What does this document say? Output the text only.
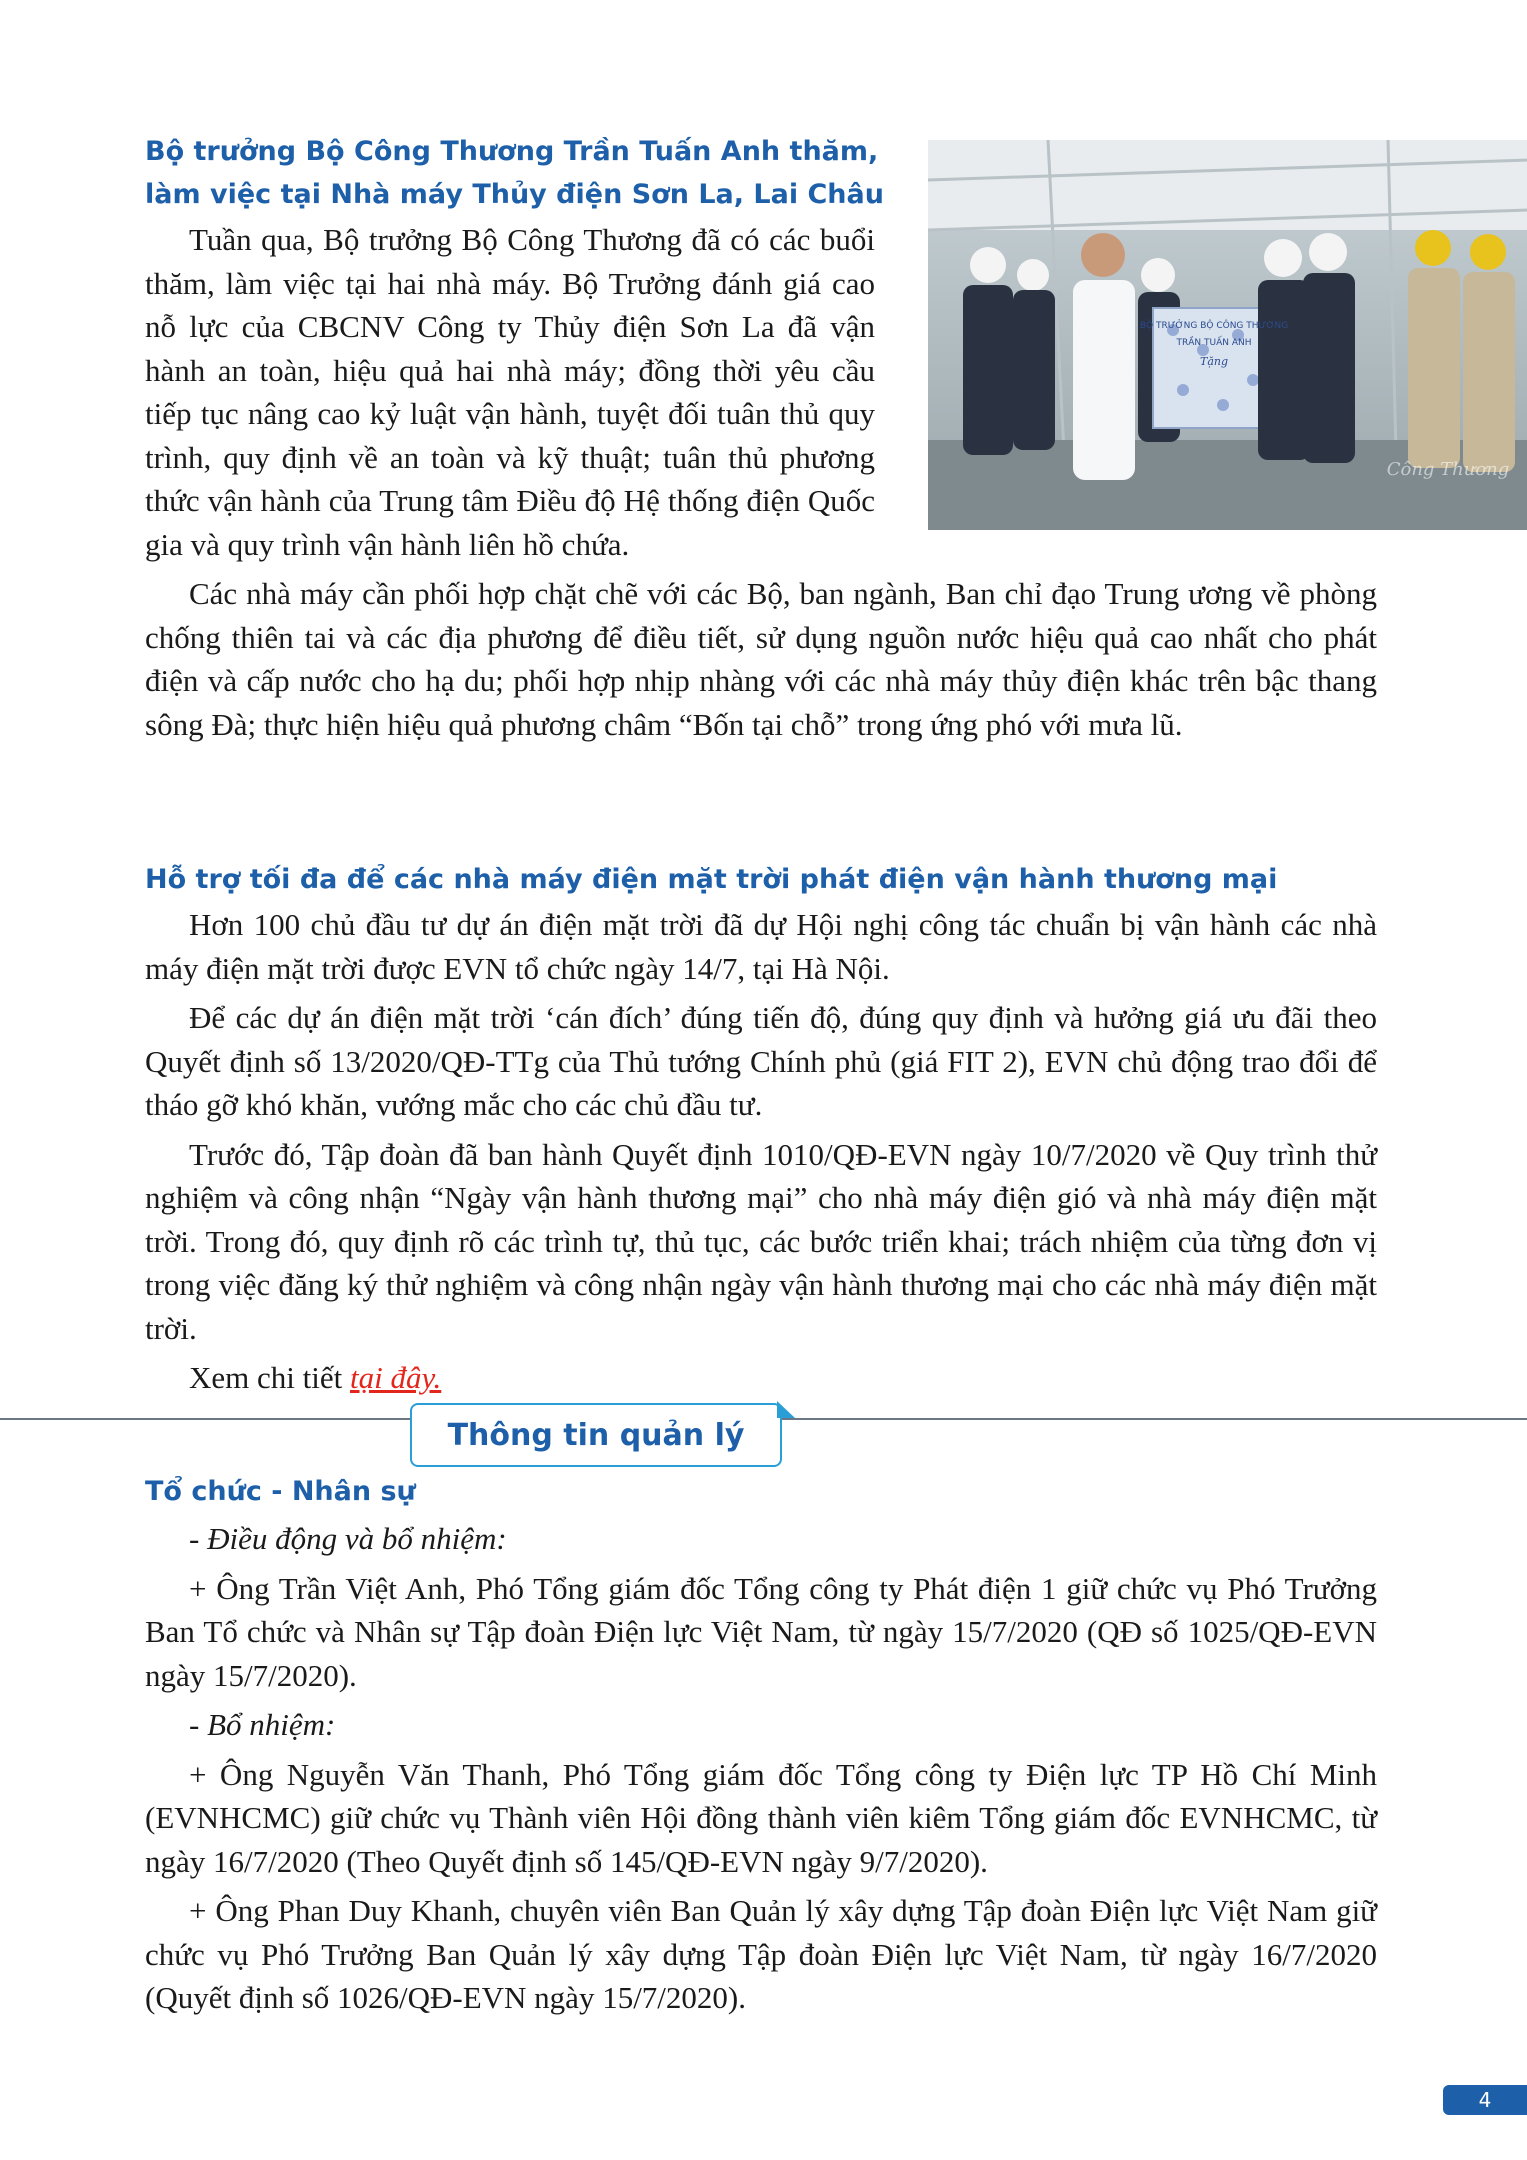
Bộ trưởng Bộ Công Thương Trần Tuấn Anh thăm,
làm việc tại Nhà máy Thủy điện Sơn La, Lai Châu

Tuần qua, Bộ trưởng Bộ Công Thương đã có các buổi thăm, làm việc tại hai nhà máy. Bộ Trưởng đánh giá cao nỗ lực của CBCNV Công ty Thủy điện Sơn La đã vận hành an toàn, hiệu quả hai nhà máy; đồng thời yêu cầu tiếp tục nâng cao kỷ luật vận hành, tuyệt đối tuân thủ quy trình, quy định về an toàn và kỹ thuật; tuân thủ phương thức vận hành của Trung tâm Điều độ Hệ thống điện Quốc gia và quy trình vận hành liên hồ chứa.

Các nhà máy cần phối hợp chặt chẽ với các Bộ, ban ngành, Ban chỉ đạo Trung ương về phòng chống thiên tai và các địa phương để điều tiết, sử dụng nguồn nước hiệu quả cao nhất cho phát điện và cấp nước cho hạ du; phối hợp nhịp nhàng với các nhà máy thủy điện khác trên bậc thang sông Đà; thực hiện hiệu quả phương châm “Bốn tại chỗ” trong ứng phó với mưa lũ.

BỘ TRƯỞNG BỘ CÔNG THƯƠNG
TRẦN TUẤN ANH
Tặng
Công Thương
Hỗ trợ tối đa để các nhà máy điện mặt trời phát điện vận hành thương mại

Hơn 100 chủ đầu tư dự án điện mặt trời đã dự Hội nghị công tác chuẩn bị vận hành các nhà máy điện mặt trời được EVN tổ chức ngày 14/7, tại Hà Nội.

Để các dự án điện mặt trời ‘cán đích’ đúng tiến độ, đúng quy định và hưởng giá ưu đãi theo Quyết định số 13/2020/QĐ-TTg của Thủ tướng Chính phủ (giá FIT 2), EVN chủ động trao đổi để tháo gỡ khó khăn, vướng mắc cho các chủ đầu tư.

Trước đó, Tập đoàn đã ban hành Quyết định 1010/QĐ-EVN ngày 10/7/2020 về Quy trình thử nghiệm và công nhận “Ngày vận hành thương mại” cho nhà máy điện gió và nhà máy điện mặt trời. Trong đó, quy định rõ các trình tự, thủ tục, các bước triển khai; trách nhiệm của từng đơn vị trong việc đăng ký thử nghiệm và công nhận ngày vận hành thương mại cho các nhà máy điện mặt trời.

Xem chi tiết tại đây.

Thông tin quản lý
Tổ chức - Nhân sự

- Điều động và bổ nhiệm:

+ Ông Trần Việt Anh, Phó Tổng giám đốc Tổng công ty Phát điện 1 giữ chức vụ Phó Trưởng Ban Tổ chức và Nhân sự Tập đoàn Điện lực Việt Nam, từ ngày 15/7/2020 (QĐ số 1025/QĐ-EVN ngày 15/7/2020).

- Bổ nhiệm:

+ Ông Nguyễn Văn Thanh, Phó Tổng giám đốc Tổng công ty Điện lực TP Hồ Chí Minh (EVNHCMC) giữ chức vụ Thành viên Hội đồng thành viên kiêm Tổng giám đốc EVNHCMC, từ ngày 16/7/2020 (Theo Quyết định số 145/QĐ-EVN ngày 9/7/2020).

+ Ông Phan Duy Khanh, chuyên viên Ban Quản lý xây dựng Tập đoàn Điện lực Việt Nam giữ chức vụ Phó Trưởng Ban Quản lý xây dựng Tập đoàn Điện lực Việt Nam, từ ngày 16/7/2020 (Quyết định số 1026/QĐ-EVN ngày 15/7/2020).

4
